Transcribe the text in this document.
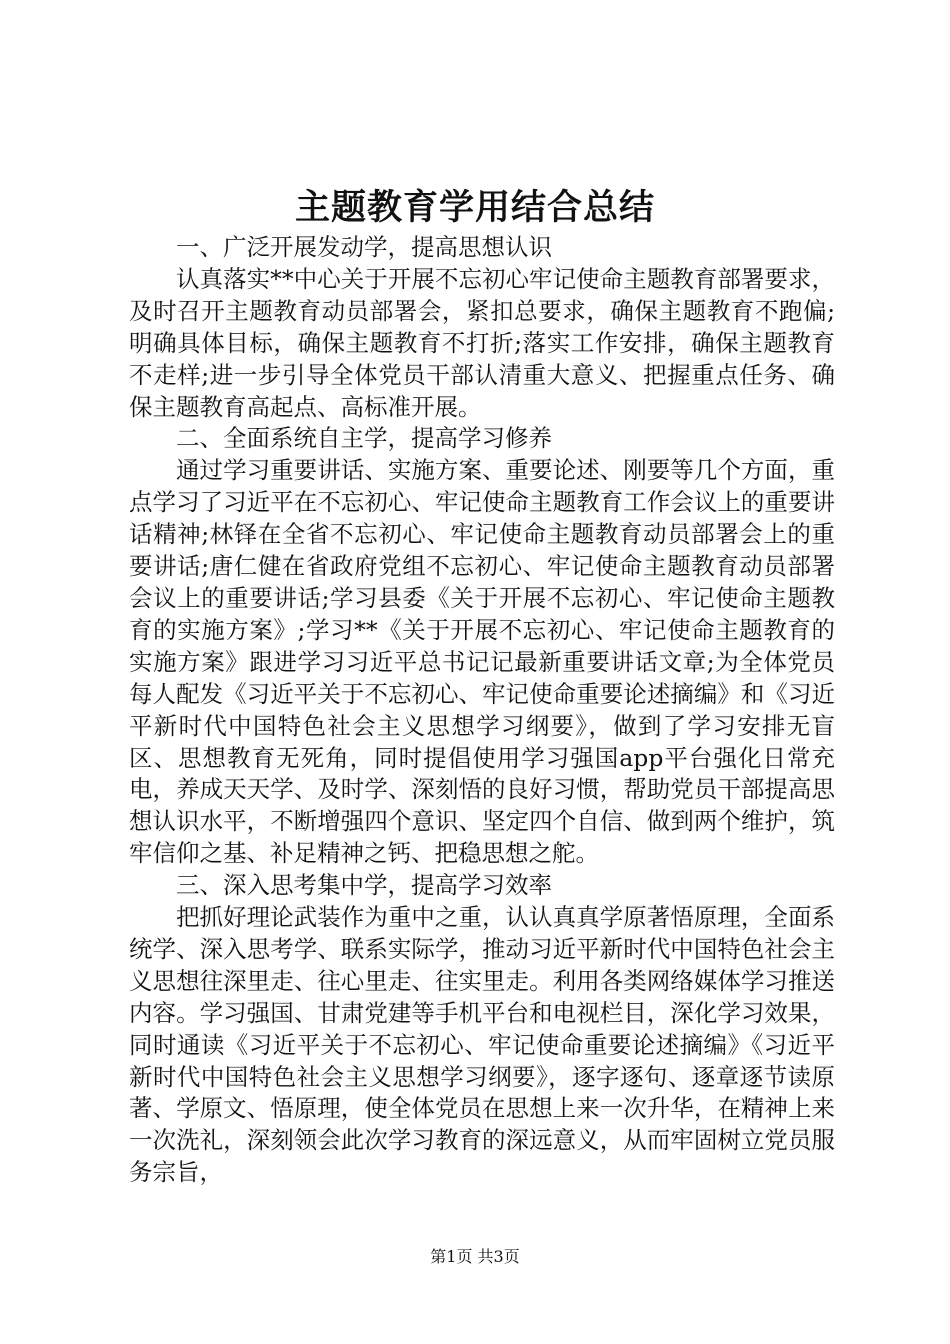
主题教育学用结合总结

一、广泛开展发动学，提高思想认识

认真落实**中心关于开展不忘初心牢记使命主题教育部署要求，及时召开主题教育动员部署会，紧扣总要求，确保主题教育不跑偏;明确具体目标，确保主题教育不打折;落实工作安排，确保主题教育不走样;进一步引导全体党员干部认清重大意义、把握重点任务、确保主题教育高起点、高标准开展。

二、全面系统自主学，提高学习修养

通过学习重要讲话、实施方案、重要论述、刚要等几个方面，重点学习了习近平在不忘初心、牢记使命主题教育工作会议上的重要讲话精神;林铎在全省不忘初心、牢记使命主题教育动员部署会上的重要讲话;唐仁健在省政府党组不忘初心、牢记使命主题教育动员部署会议上的重要讲话;学习县委《关于开展不忘初心、牢记使命主题教育的实施方案》;学习**《关于开展不忘初心、牢记使命主题教育的实施方案》跟进学习习近平总书记记最新重要讲话文章;为全体党员每人配发《习近平关于不忘初心、牢记使命重要论述摘编》和《习近平新时代中国特色社会主义思想学习纲要》，做到了学习安排无盲区、思想教育无死角，同时提倡使用学习强国app平台强化日常充电，养成天天学、及时学、深刻悟的良好习惯，帮助党员干部提高思想认识水平，不断增强四个意识、坚定四个自信、做到两个维护，筑牢信仰之基、补足精神之钙、把稳思想之舵。

三、深入思考集中学，提高学习效率

把抓好理论武装作为重中之重，认认真真学原著悟原理，全面系统学、深入思考学、联系实际学，推动习近平新时代中国特色社会主义思想往深里走、往心里走、往实里走。利用各类网络媒体学习推送内容。学习强国、甘肃党建等手机平台和电视栏目，深化学习效果，同时通读《习近平关于不忘初心、牢记使命重要论述摘编》《习近平新时代中国特色社会主义思想学习纲要》，逐字逐句、逐章逐节读原著、学原文、悟原理，使全体党员在思想上来一次升华，在精神上来一次洗礼，深刻领会此次学习教育的深远意义，从而牢固树立党员服务宗旨，

第1页 共3页
